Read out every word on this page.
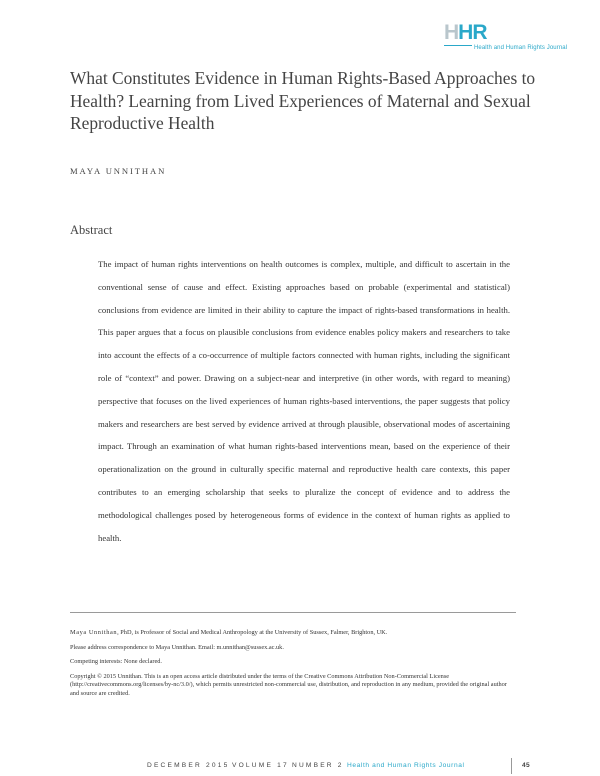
HHR
Health and Human Rights Journal
What Constitutes Evidence in Human Rights-Based Approaches to Health? Learning from Lived Experiences of Maternal and Sexual Reproductive Health
MAYA UNNITHAN
Abstract

The impact of human rights interventions on health outcomes is complex, multiple, and difficult to ascertain in the conventional sense of cause and effect. Existing approaches based on probable (experimental and statistical) conclusions from evidence are limited in their ability to capture the impact of rights-based transformations in health. This paper argues that a focus on plausible conclusions from evidence enables policy makers and researchers to take into account the effects of a co-occurrence of multiple factors connected with human rights, including the significant role of “context” and power. Drawing on a subject-near and interpretive (in other words, with regard to meaning) perspective that focuses on the lived experiences of human rights-based interventions, the paper suggests that policy makers and researchers are best served by evidence arrived at through plausible, observational modes of ascertaining impact. Through an examination of what human rights-based interventions mean, based on the experience of their operationalization on the ground in culturally specific maternal and reproductive health care contexts, this paper contributes to an emerging scholarship that seeks to pluralize the concept of evidence and to address the methodological challenges posed by heterogeneous forms of evidence in the context of human rights as applied to health.

Maya Unnithan, PhD, is Professor of Social and Medical Anthropology at the University of Sussex, Falmer, Brighton, UK.

Please address correspondence to Maya Unnithan. Email: m.unnithan@sussex.ac.uk.

Competing interests: None declared.

Copyright © 2015 Unnithan. This is an open access article distributed under the terms of the Creative Commons Attribution Non-Commercial License (http://creativecommons.org/licenses/by-nc/3.0/), which permits unrestricted non-commercial use, distribution, and reproduction in any medium, provided the original author and source are credited.

DECEMBER 2015 VOLUME 17 NUMBER 2 Health and Human Rights Journal	45
